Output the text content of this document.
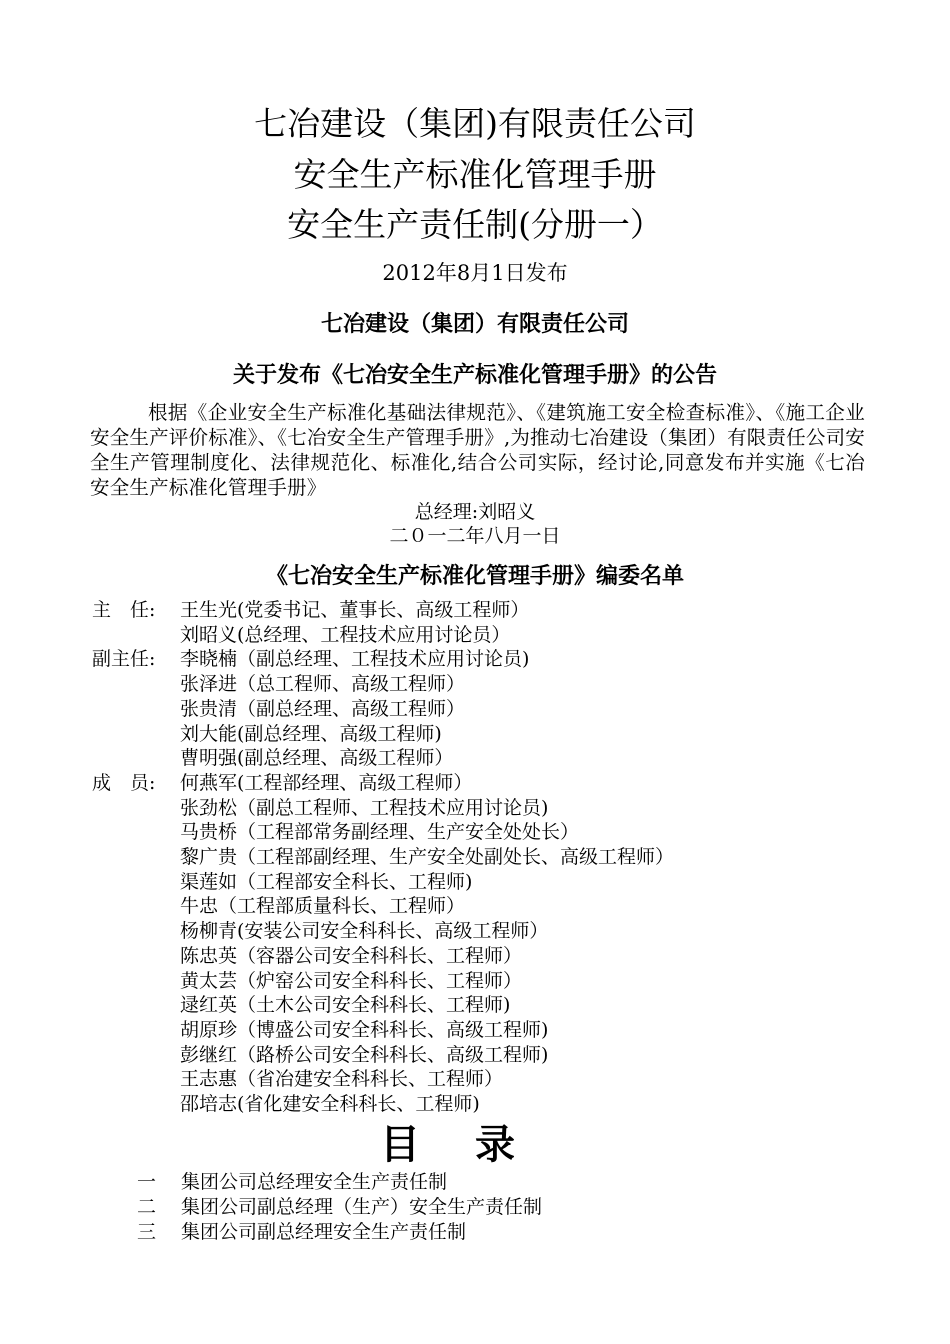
七冶建设（集团)有限责任公司
安全生产标准化管理手册
安全生产责任制(分册一）
2012年8月1日发布
七冶建设（集团）有限责任公司
关于发布《七冶安全生产标准化管理手册》的公告
根据《企业安全生产标准化基础法律规范》、《建筑施工安全检查标准》、《施工企业安全生产评价标准》、《七冶安全生产管理手册》,为推动七冶建设（集团）有限责任公司安全生产管理制度化、法律规范化、标准化,结合公司实际，经讨论,同意发布并实施《七冶安全生产标准化管理手册》
总经理:刘昭义
二０一二年八月一日
《七冶安全生产标准化管理手册》编委名单
主　任: 王生光(党委书记、董事长、高级工程师）
刘昭义(总经理、工程技术应用讨论员）
副主任: 李晓楠（副总经理、工程技术应用讨论员)
张泽进（总工程师、高级工程师）
张贵清（副总经理、高级工程师）
刘大能(副总经理、高级工程师)
曹明强(副总经理、高级工程师）
成　员: 何燕军(工程部经理、高级工程师）
张劲松（副总工程师、工程技术应用讨论员)
马贵桥（工程部常务副经理、生产安全处处长）
黎广贵（工程部副经理、生产安全处副处长、高级工程师）
渠莲如（工程部安全科长、工程师)
牛忠（工程部质量科长、工程师）
杨柳青(安装公司安全科科长、高级工程师）
陈忠英（容器公司安全科科长、工程师）
黄太芸（炉窑公司安全科科长、工程师）
逯红英（土木公司安全科科长、工程师)
胡原珍（博盛公司安全科科长、高级工程师)
彭继红（路桥公司安全科科长、高级工程师)
王志惠（省冶建安全科科长、工程师）
邵培志(省化建安全科科长、工程师)
目录
一 集团公司总经理安全生产责任制
二 集团公司副总经理（生产）安全生产责任制
三 集团公司副总经理安全生产责任制
